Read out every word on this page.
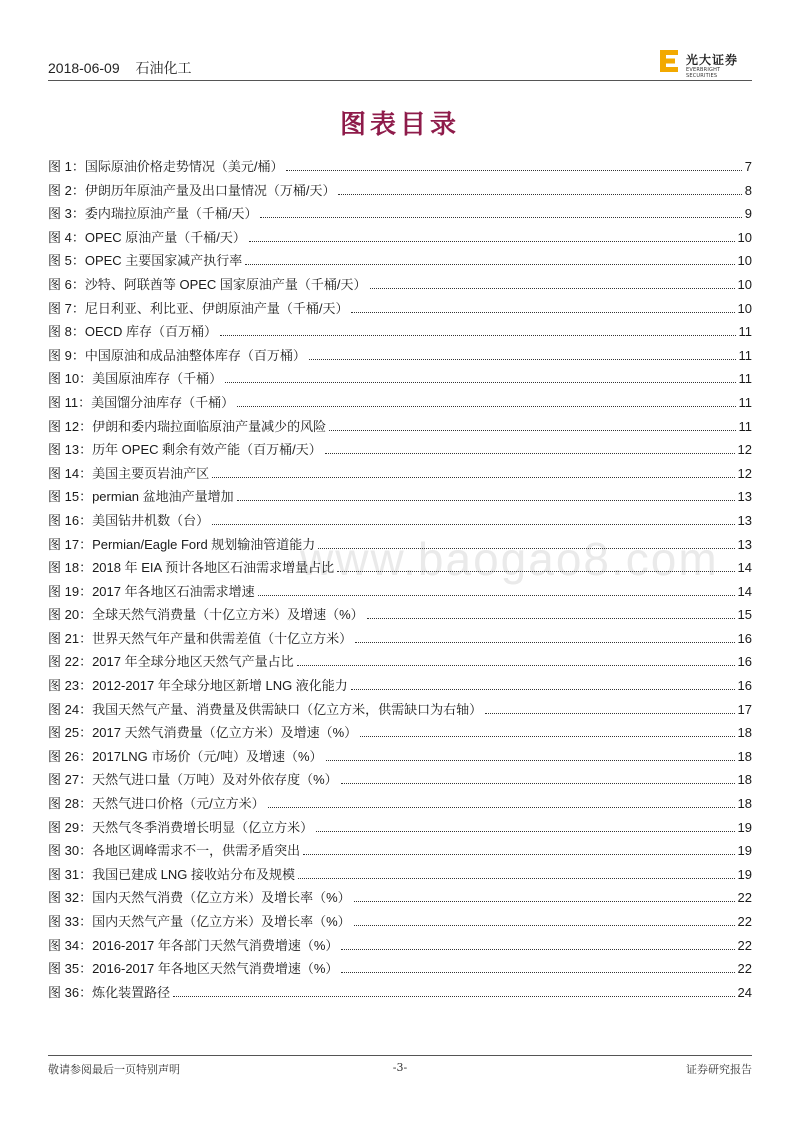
2018-06-09 石油化工	光大证券
EVERBRIGHT SECURITIES
图表目录
www.baogao8.com
图 1：国际原油价格走势情况（美元/桶）	7
图 2：伊朗历年原油产量及出口量情况（万桶/天）	8
图 3：委内瑞拉原油产量（千桶/天）	9
图 4：OPEC 原油产量（千桶/天）	10
图 5：OPEC 主要国家减产执行率	10
图 6：沙特、阿联酋等 OPEC 国家原油产量（千桶/天）	10
图 7：尼日利亚、利比亚、伊朗原油产量（千桶/天）	10
图 8：OECD 库存（百万桶）	11
图 9：中国原油和成品油整体库存（百万桶）	11
图 10：美国原油库存（千桶）	11
图 11：美国馏分油库存（千桶）	11
图 12：伊朗和委内瑞拉面临原油产量减少的风险	11
图 13：历年 OPEC 剩余有效产能（百万桶/天）	12
图 14：美国主要页岩油产区	12
图 15：permian 盆地油产量增加	13
图 16：美国钻井机数（台）	13
图 17：Permian/Eagle Ford 规划输油管道能力	13
图 18：2018 年 EIA 预计各地区石油需求增量占比	14
图 19：2017 年各地区石油需求增速	14
图 20：全球天然气消费量（十亿立方米）及增速（%）	15
图 21：世界天然气年产量和供需差值（十亿立方米）	16
图 22：2017 年全球分地区天然气产量占比	16
图 23：2012-2017 年全球分地区新增 LNG 液化能力	16
图 24：我国天然气产量、消费量及供需缺口（亿立方米，供需缺口为右轴）	17
图 25：2017 天然气消费量（亿立方米）及增速（%）	18
图 26：2017LNG 市场价（元/吨）及增速（%）	18
图 27：天然气进口量（万吨）及对外依存度（%）	18
图 28：天然气进口价格（元/立方米）	18
图 29：天然气冬季消费增长明显（亿立方米）	19
图 30：各地区调峰需求不一，供需矛盾突出	19
图 31：我国已建成 LNG 接收站分布及规模	19
图 32：国内天然气消费（亿立方米）及增长率（%）	22
图 33：国内天然气产量（亿立方米）及增长率（%）	22
图 34：2016-2017 年各部门天然气消费增速（%）	22
图 35：2016-2017 年各地区天然气消费增速（%）	22
图 36：炼化装置路径	24
敬请参阅最后一页特别声明	-3-	证券研究报告
